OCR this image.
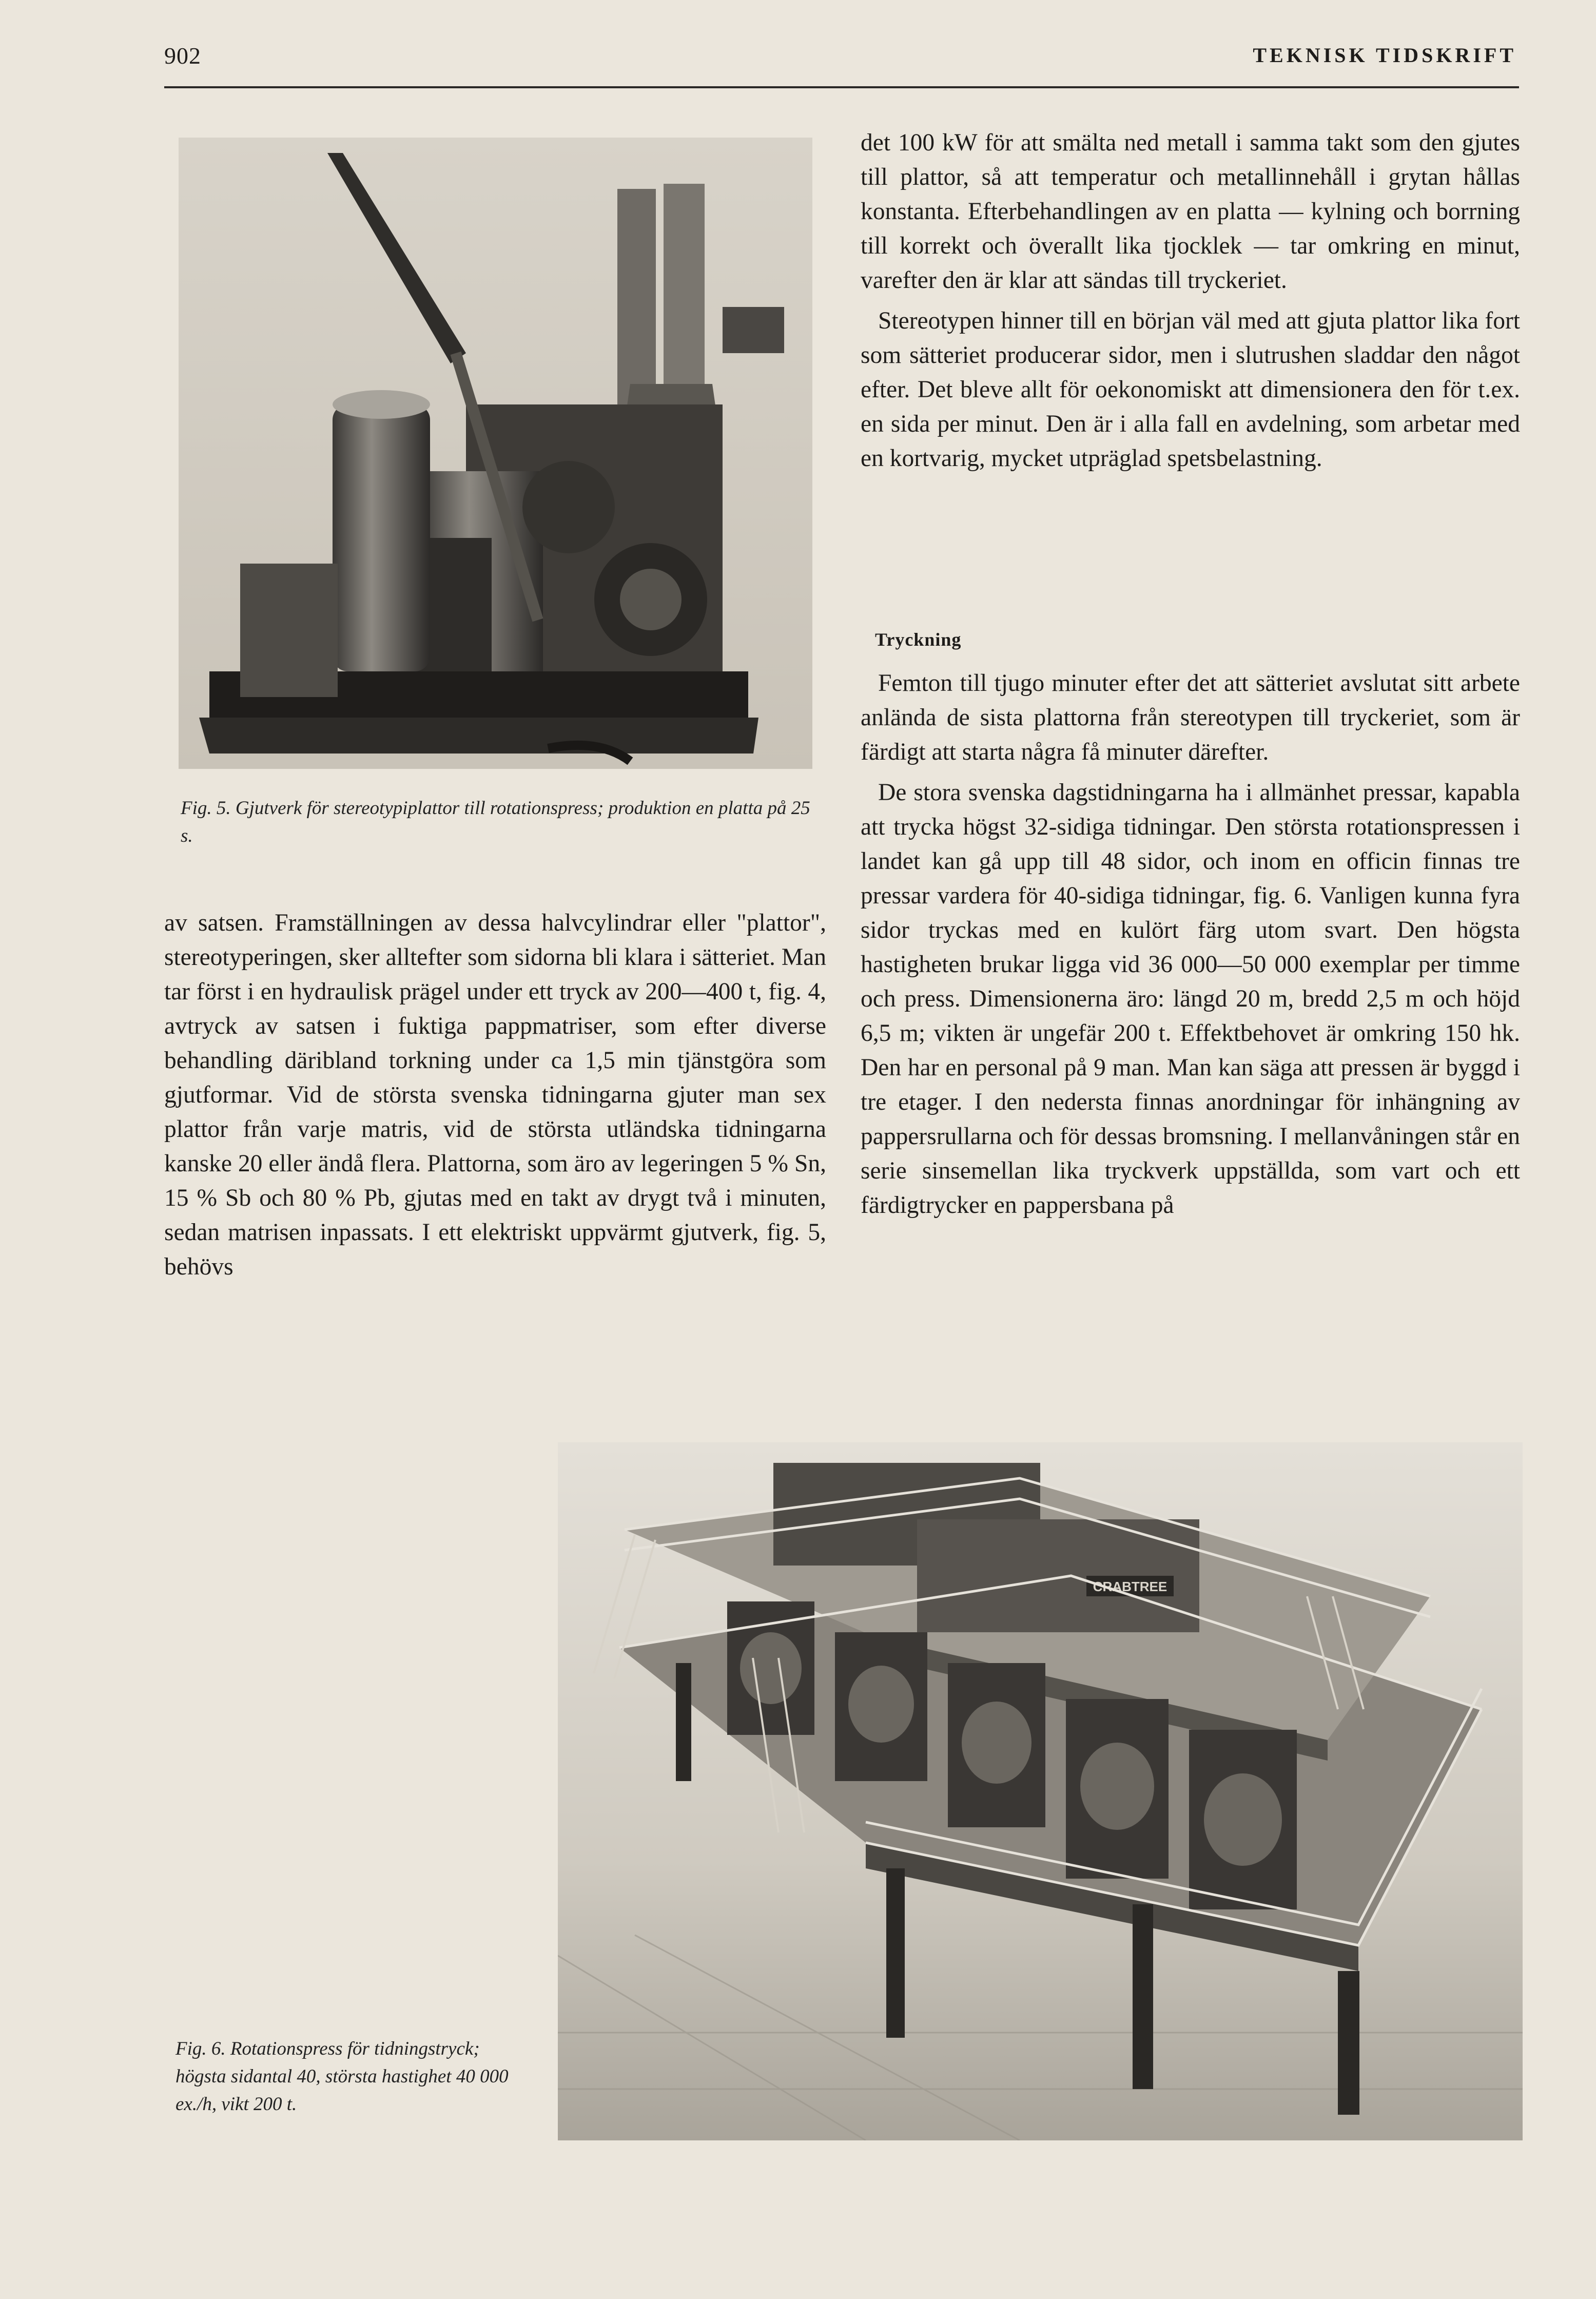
902	TEKNISK TIDSKRIFT
Fig. 5. Gjutverk för stereotypiplattor till rotationspress; produktion en platta på 25 s.

av satsen. Framställningen av dessa halvcylindrar eller "plattor", stereotyperingen, sker alltefter som sidorna bli klara i sätteriet. Man tar först i en hydraulisk prägel under ett tryck av 200—400 t, fig. 4, avtryck av satsen i fuktiga pappmatriser, som efter diverse behandling däribland torkning under ca 1,5 min tjänstgöra som gjutformar. Vid de största svenska tidningarna gjuter man sex plattor från varje matris, vid de största utländska tidningarna kanske 20 eller ändå flera. Plattorna, som äro av legeringen 5 % Sn, 15 % Sb och 80 % Pb, gjutas med en takt av drygt två i minuten, sedan matrisen inpassats. I ett elektriskt uppvärmt gjutverk, fig. 5, behövs

det 100 kW för att smälta ned metall i samma takt som den gjutes till plattor, så att temperatur och metallinnehåll i grytan hållas konstanta. Efterbehandlingen av en platta — kylning och borrning till korrekt och överallt lika tjocklek — tar omkring en minut, varefter den är klar att sändas till tryckeriet.

Stereotypen hinner till en början väl med att gjuta plattor lika fort som sätteriet producerar sidor, men i slutrushen sladdar den något efter. Det bleve allt för oekonomiskt att dimensionera den för t.ex. en sida per minut. Den är i alla fall en avdelning, som arbetar med en kortvarig, mycket utpräglad spetsbelastning.

Tryckning

Femton till tjugo minuter efter det att sätteriet avslutat sitt arbete anlända de sista plattorna från stereotypen till tryckeriet, som är färdigt att starta några få minuter därefter.

De stora svenska dagstidningarna ha i allmänhet pressar, kapabla att trycka högst 32-sidiga tidningar. Den största rotationspressen i landet kan gå upp till 48 sidor, och inom en officin finnas tre pressar vardera för 40-sidiga tidningar, fig. 6. Vanligen kunna fyra sidor tryckas med en kulört färg utom svart. Den högsta hastigheten brukar ligga vid 36 000—50 000 exemplar per timme och press. Dimensionerna äro: längd 20 m, bredd 2,5 m och höjd 6,5 m; vikten är ungefär 200 t. Effektbehovet är omkring 150 hk. Den har en personal på 9 man. Man kan säga att pressen är byggd i tre etager. I den nedersta finnas anordningar för inhängning av pappersrullarna och för dessas bromsning. I mellanvåningen står en serie sinsemellan lika tryckverk uppställda, som vart och ett färdigtrycker en pappersbana på

CRABTREE
Fig. 6. Rotationspress för tidningstryck; högsta sidantal 40, största hastighet 40 000 ex./h, vikt 200 t.
